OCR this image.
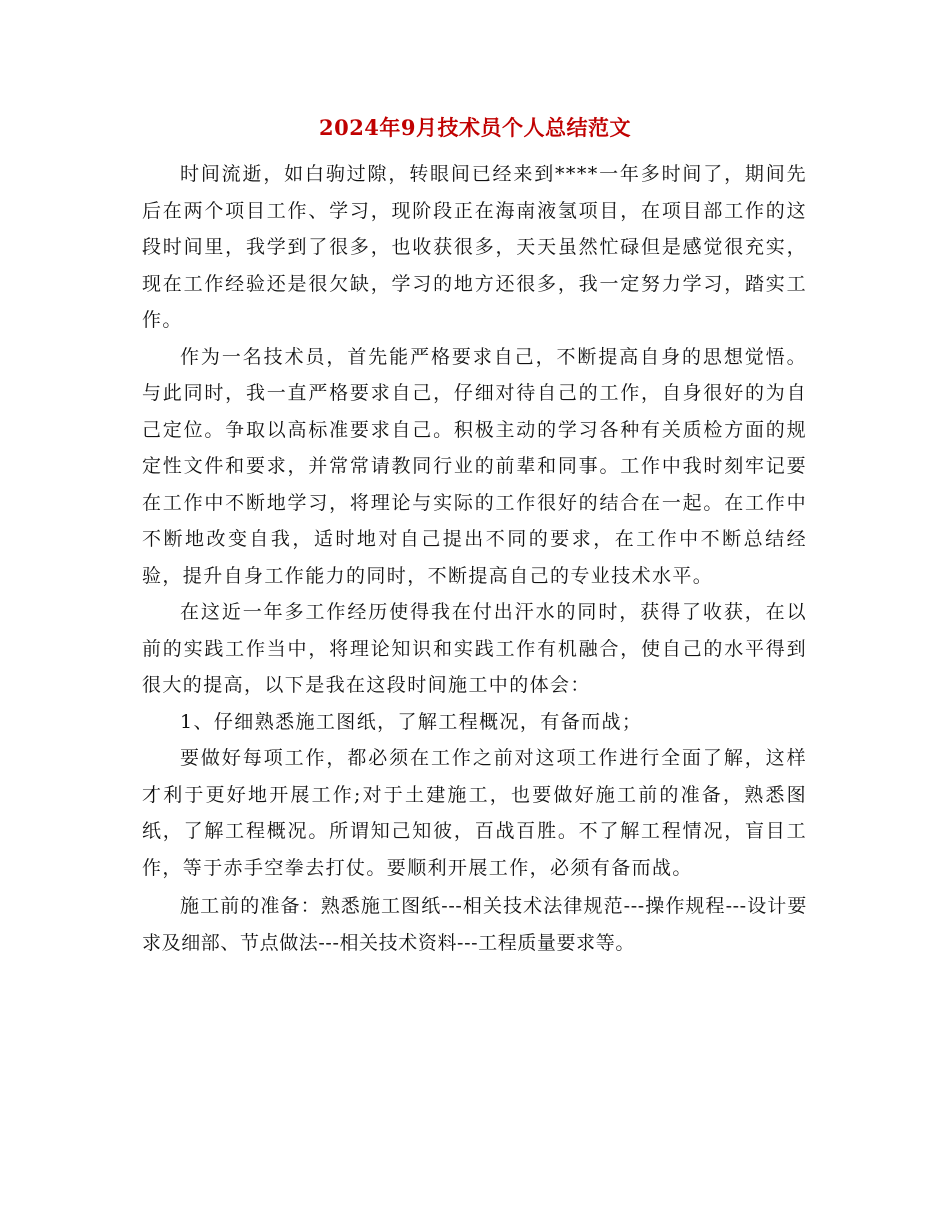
2024年9月技术员个人总结范文

时间流逝，如白驹过隙，转眼间已经来到****一年多时间了，期间先后在两个项目工作、学习，现阶段正在海南液氢项目，在项目部工作的这段时间里，我学到了很多，也收获很多，天天虽然忙碌但是感觉很充实，现在工作经验还是很欠缺，学习的地方还很多，我一定努力学习，踏实工作。

作为一名技术员，首先能严格要求自己，不断提高自身的思想觉悟。与此同时，我一直严格要求自己，仔细对待自己的工作，自身很好的为自己定位。争取以高标准要求自己。积极主动的学习各种有关质检方面的规定性文件和要求，并常常请教同行业的前辈和同事。工作中我时刻牢记要在工作中不断地学习，将理论与实际的工作很好的结合在一起。在工作中不断地改变自我，适时地对自己提出不同的要求，在工作中不断总结经验，提升自身工作能力的同时，不断提高自己的专业技术水平。

在这近一年多工作经历使得我在付出汗水的同时，获得了收获，在以前的实践工作当中，将理论知识和实践工作有机融合，使自己的水平得到很大的提高，以下是我在这段时间施工中的体会：

1、仔细熟悉施工图纸，了解工程概况，有备而战；

要做好每项工作，都必须在工作之前对这项工作进行全面了解，这样才利于更好地开展工作;对于土建施工，也要做好施工前的准备，熟悉图纸，了解工程概况。所谓知己知彼，百战百胜。不了解工程情况，盲目工作，等于赤手空拳去打仗。要顺利开展工作，必须有备而战。

施工前的准备：熟悉施工图纸---相关技术法律规范---操作规程---设计要求及细部、节点做法---相关技术资料---工程质量要求等。
